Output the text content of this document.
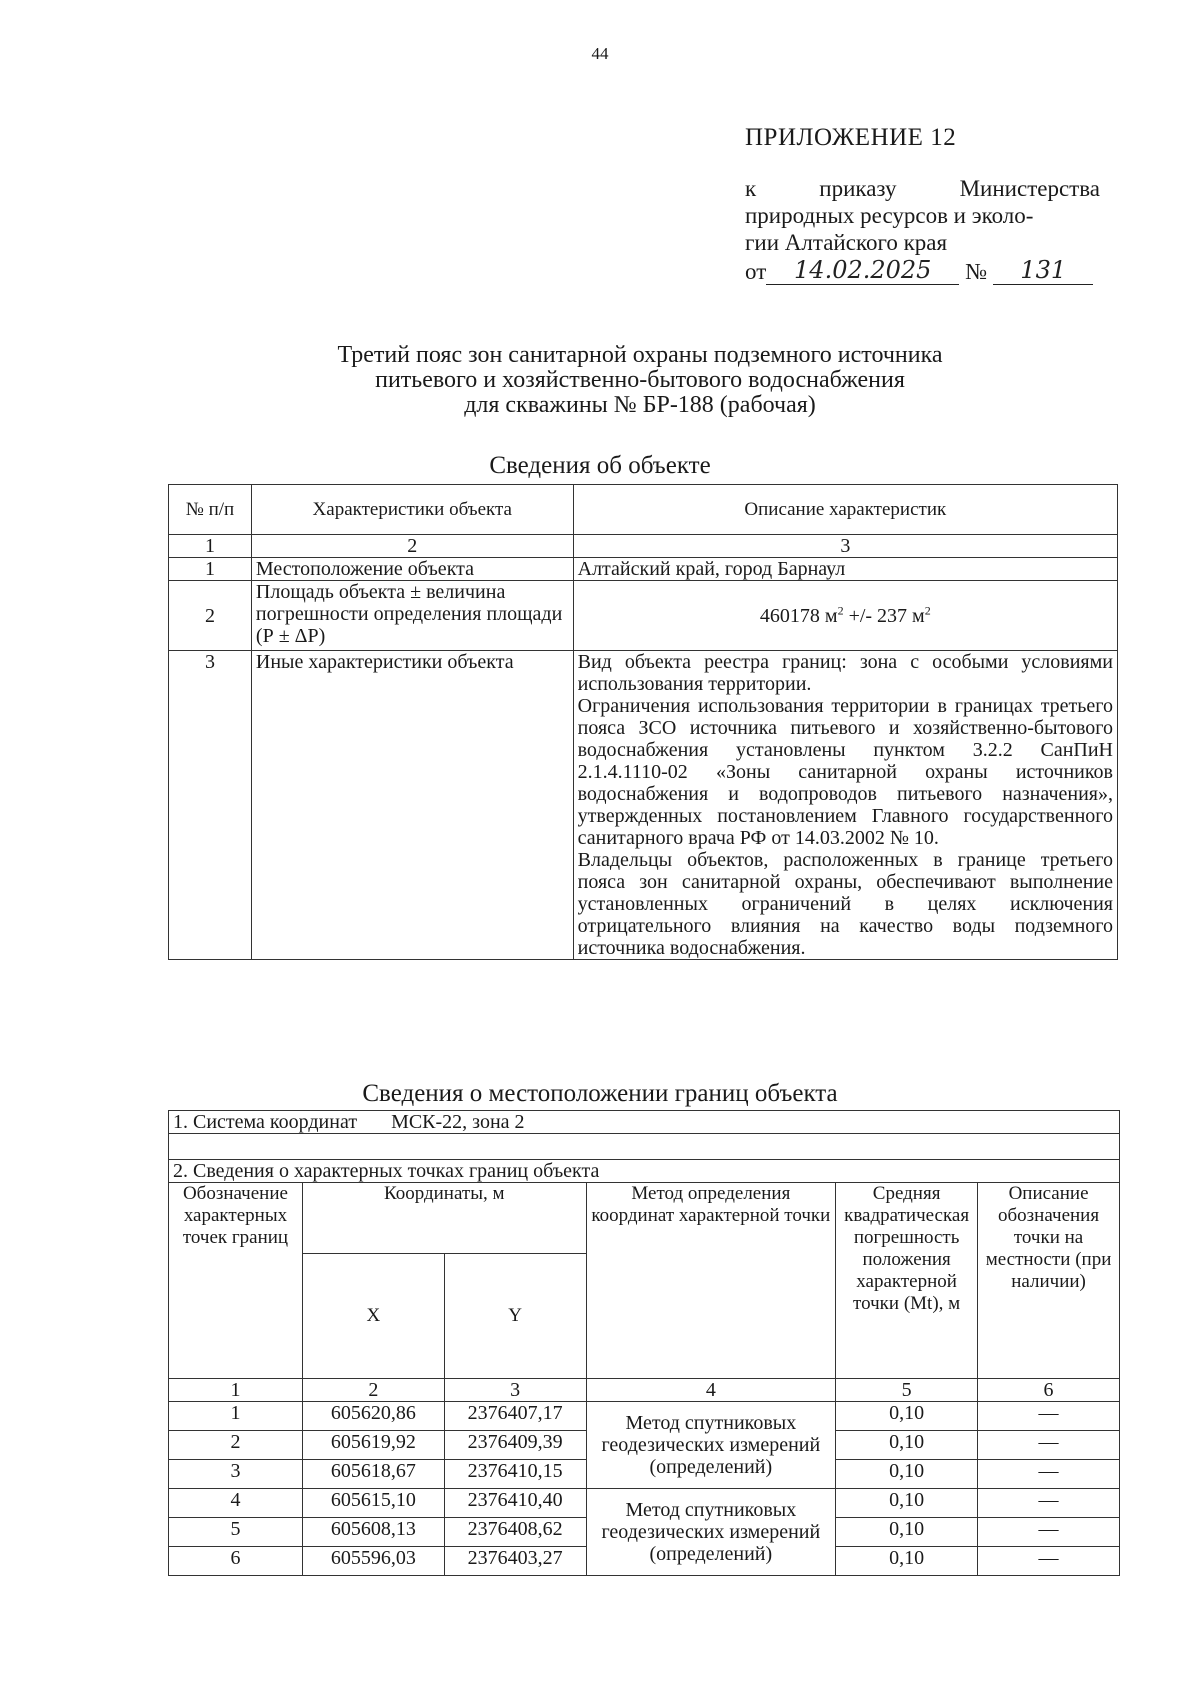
44
ПРИЛОЖЕНИЕ 12
к	приказу	Министерства
природных ресурсов и эколо-
гии Алтайского края
от	14.02.2025	№	131
Третий пояс зон санитарной охраны подземного источника
питьевого и хозяйственно-бытового водоснабжения
для скважины № БР-188 (рабочая)
Сведения об объекте
№ п/п	Характеристики объекта	Описание характеристик
1	2	3
1	Местоположение объекта	Алтайский край, город Барнаул
2	Площадь объекта ± величина погрешности определения площади (Р ± ΔР)	460178 $м^2$ +/- 237 $м^2$
3	Иные характеристики объекта	Вид объекта реестра границ: зона с особыми условиями использования территории.
Ограничения использования территории в границах третьего пояса ЗСО источника питьевого и хозяйственно-бытового водоснабжения установлены пунктом 3.2.2 СанПиН 2.1.4.1110-02 «Зоны санитарной охраны источников водоснабжения и водопроводов питьевого назначения», утвержденных постановлением Главного государственного санитарного врача РФ от 14.03.2002 № 10.
Владельцы объектов, расположенных в границе третьего пояса зон санитарной охраны, обеспечивают выполнение установленных ограничений в целях исключения отрицательного влияния на качество воды подземного источника водоснабжения.
Сведения о местоположении границ объекта
1. Система координат МСК-22, зона 2					

2. Сведения о характерных точках границ объекта					
Обозначение характерных точек границ	Координаты, м		Метод определения координат характерной точки	Средняя квадратическая погрешность положения характерной точки (Mt), м	Описание обозначения точки на местности (при наличии)
	X	Y			
1	2	3	4	5	6
1	605620,86	2376407,17	Метод спутниковых геодезических измерений (определений)	0,10	—
2	605619,92	2376409,39		0,10	—
3	605618,67	2376410,15		0,10	—
4	605615,10	2376410,40	Метод спутниковых геодезических измерений (определений)	0,10	—
5	605608,13	2376408,62		0,10	—
6	605596,03	2376403,27		0,10	—
